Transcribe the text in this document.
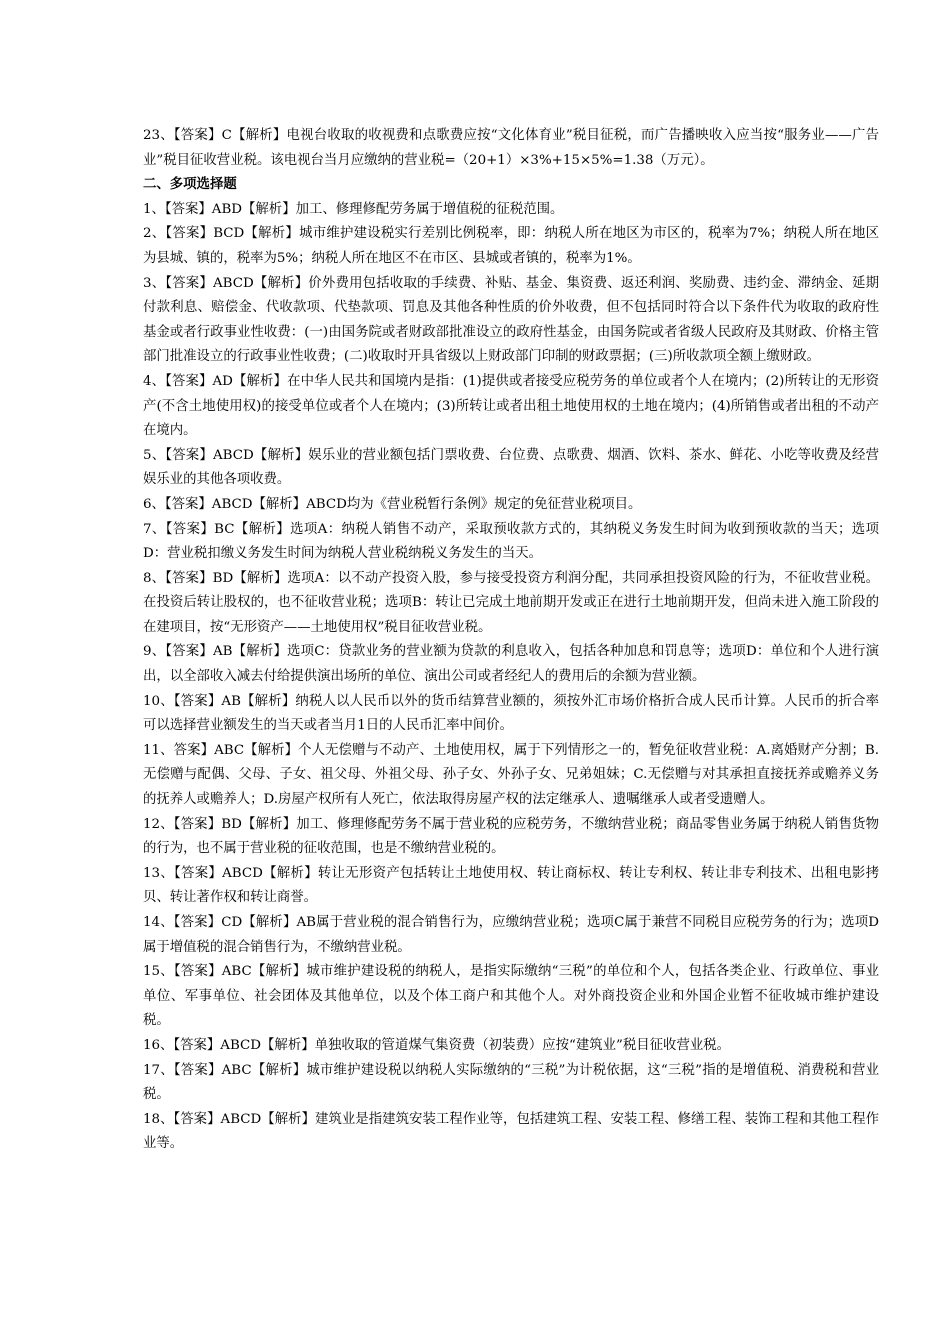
23、【答案】C【解析】电视台收取的收视费和点歌费应按“文化体育业”税目征税，而广告播映收入应当按“服务业——广告业”税目征收营业税。该电视台当月应缴纳的营业税=（20+1）×3%+15×5%=1.38（万元）。

二、多项选择题

1、【答案】ABD【解析】加工、修理修配劳务属于增值税的征税范围。

2、【答案】BCD【解析】城市维护建设税实行差别比例税率，即：纳税人所在地区为市区的，税率为7%；纳税人所在地区为县城、镇的，税率为5%；纳税人所在地区不在市区、县城或者镇的，税率为1%。

3、【答案】ABCD【解析】价外费用包括收取的手续费、补贴、基金、集资费、返还利润、奖励费、违约金、滞纳金、延期付款利息、赔偿金、代收款项、代垫款项、罚息及其他各种性质的价外收费，但不包括同时符合以下条件代为收取的政府性基金或者行政事业性收费：(一)由国务院或者财政部批准设立的政府性基金，由国务院或者省级人民政府及其财政、价格主管部门批准设立的行政事业性收费；(二)收取时开具省级以上财政部门印制的财政票据；(三)所收款项全额上缴财政。

4、【答案】AD【解析】在中华人民共和国境内是指：(1)提供或者接受应税劳务的单位或者个人在境内；(2)所转让的无形资产(不含土地使用权)的接受单位或者个人在境内；(3)所转让或者出租土地使用权的土地在境内；(4)所销售或者出租的不动产在境内。

5、【答案】ABCD【解析】娱乐业的营业额包括门票收费、台位费、点歌费、烟酒、饮料、茶水、鲜花、小吃等收费及经营娱乐业的其他各项收费。

6、【答案】ABCD【解析】ABCD均为《营业税暂行条例》规定的免征营业税项目。

7、【答案】BC【解析】选项A：纳税人销售不动产，采取预收款方式的，其纳税义务发生时间为收到预收款的当天；选项D：营业税扣缴义务发生时间为纳税人营业税纳税义务发生的当天。

8、【答案】BD【解析】选项A：以不动产投资入股，参与接受投资方利润分配，共同承担投资风险的行为，不征收营业税。在投资后转让股权的，也不征收营业税；选项B：转让已完成土地前期开发或正在进行土地前期开发，但尚未进入施工阶段的在建项目，按“无形资产——土地使用权”税目征收营业税。

9、【答案】AB【解析】选项C：贷款业务的营业额为贷款的利息收入，包括各种加息和罚息等；选项D：单位和个人进行演出，以全部收入减去付给提供演出场所的单位、演出公司或者经纪人的费用后的余额为营业额。

10、【答案】AB【解析】纳税人以人民币以外的货币结算营业额的，须按外汇市场价格折合成人民币计算。人民币的折合率可以选择营业额发生的当天或者当月1日的人民币汇率中间价。

11、答案】ABC【解析】个人无偿赠与不动产、土地使用权，属于下列情形之一的，暂免征收营业税：A.离婚财产分割；B.无偿赠与配偶、父母、子女、祖父母、外祖父母、孙子女、外孙子女、兄弟姐妹；C.无偿赠与对其承担直接抚养或赡养义务的抚养人或赡养人；D.房屋产权所有人死亡，依法取得房屋产权的法定继承人、遗嘱继承人或者受遗赠人。

12、【答案】BD【解析】加工、修理修配劳务不属于营业税的应税劳务，不缴纳营业税；商品零售业务属于纳税人销售货物的行为，也不属于营业税的征收范围，也是不缴纳营业税的。

13、【答案】ABCD【解析】转让无形资产包括转让土地使用权、转让商标权、转让专利权、转让非专利技术、出租电影拷贝、转让著作权和转让商誉。

14、【答案】CD【解析】AB属于营业税的混合销售行为，应缴纳营业税；选项C属于兼营不同税目应税劳务的行为；选项D属于增值税的混合销售行为，不缴纳营业税。

15、【答案】ABC【解析】城市维护建设税的纳税人，是指实际缴纳“三税”的单位和个人，包括各类企业、行政单位、事业单位、军事单位、社会团体及其他单位，以及个体工商户和其他个人。对外商投资企业和外国企业暂不征收城市维护建设税。

16、【答案】ABCD【解析】单独收取的管道煤气集资费（初装费）应按“建筑业”税目征收营业税。

17、【答案】ABC【解析】城市维护建设税以纳税人实际缴纳的“三税”为计税依据，这“三税”指的是增值税、消费税和营业税。

18、【答案】ABCD【解析】建筑业是指建筑安装工程作业等，包括建筑工程、安装工程、修缮工程、装饰工程和其他工程作业等。
